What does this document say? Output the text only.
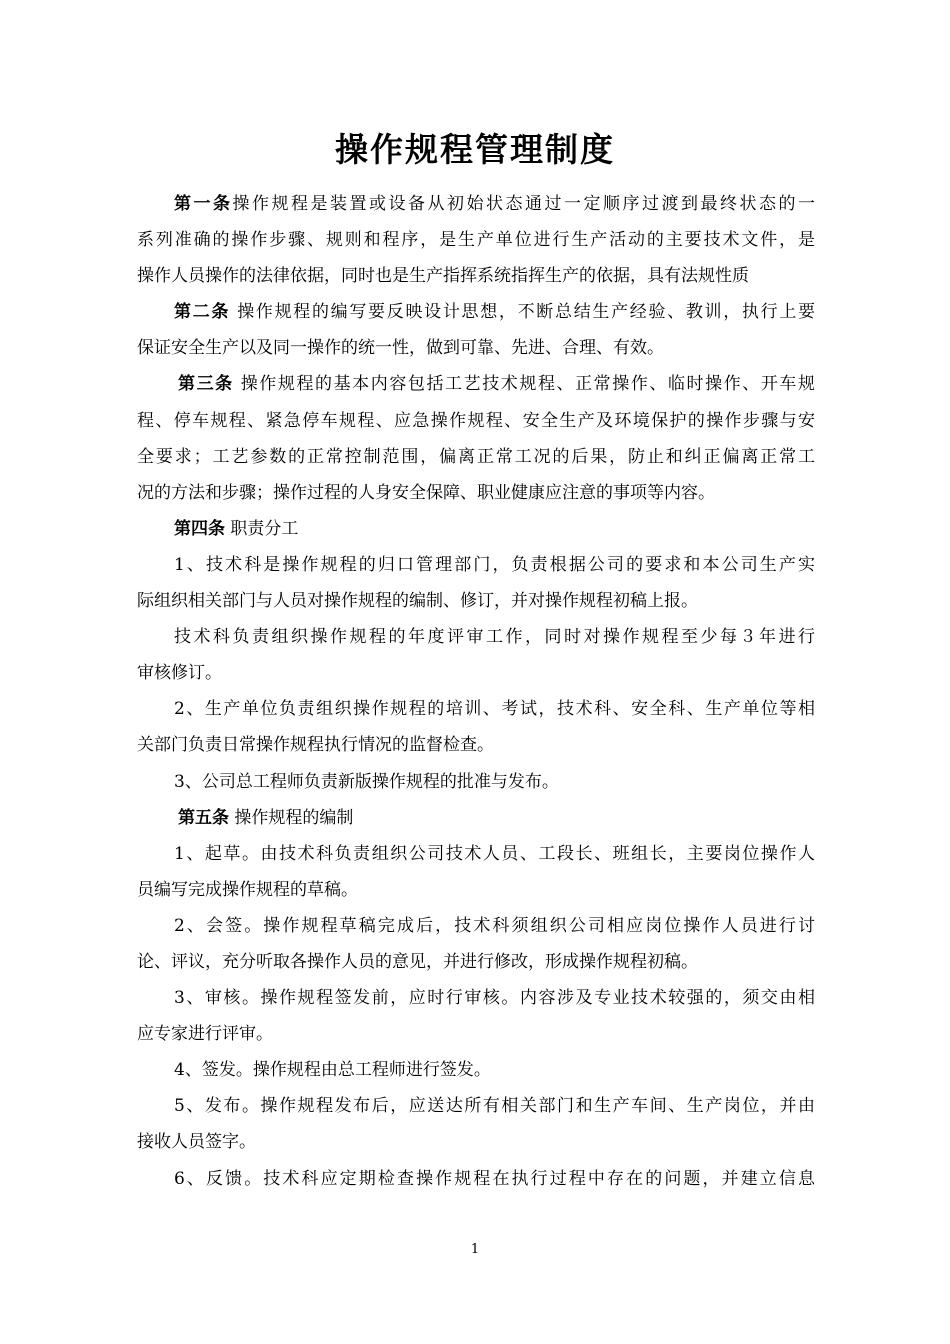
操作规程管理制度
第一条操作规程是装置或设备从初始状态通过一定顺序过渡到最终状态的一
系列准确的操作步骤、规则和程序，是生产单位进行生产活动的主要技术文件，是
操作人员操作的法律依据，同时也是生产指挥系统指挥生产的依据，具有法规性质
第二条 操作规程的编写要反映设计思想，不断总结生产经验、教训，执行上要
保证安全生产以及同一操作的统一性，做到可靠、先进、合理、有效。
第三条 操作规程的基本内容包括工艺技术规程、正常操作、临时操作、开车规
程、停车规程、紧急停车规程、应急操作规程、安全生产及环境保护的操作步骤与安
全要求；工艺参数的正常控制范围，偏离正常工况的后果，防止和纠正偏离正常工
况的方法和步骤；操作过程的人身安全保障、职业健康应注意的事项等内容。
第四条 职责分工
1、技术科是操作规程的归口管理部门，负责根据公司的要求和本公司生产实
际组织相关部门与人员对操作规程的编制、修订，并对操作规程初稿上报。
技术科负责组织操作规程的年度评审工作，同时对操作规程至少每３年进行
审核修订。
2、生产单位负责组织操作规程的培训、考试，技术科、安全科、生产单位等相
关部门负责日常操作规程执行情况的监督检查。
3、公司总工程师负责新版操作规程的批准与发布。
第五条 操作规程的编制
1、起草。由技术科负责组织公司技术人员、工段长、班组长，主要岗位操作人
员编写完成操作规程的草稿。
2、会签。操作规程草稿完成后，技术科须组织公司相应岗位操作人员进行讨
论、评议，充分听取各操作人员的意见，并进行修改，形成操作规程初稿。
3、审核。操作规程签发前，应时行审核。内容涉及专业技术较强的，须交由相
应专家进行评审。
4、签发。操作规程由总工程师进行签发。
5、发布。操作规程发布后，应送达所有相关部门和生产车间、生产岗位，并由
接收人员签字。
6、反馈。技术科应定期检查操作规程在执行过程中存在的问题，并建立信息
1
